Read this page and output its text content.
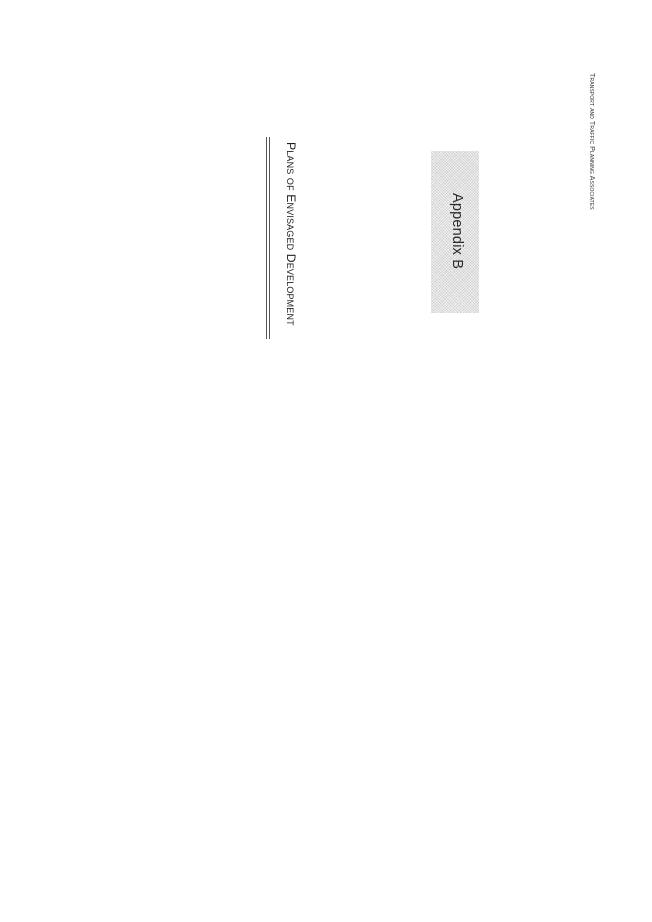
Transport and Traffic Planning Associates
Appendix B
Plans of Envisaged Development
